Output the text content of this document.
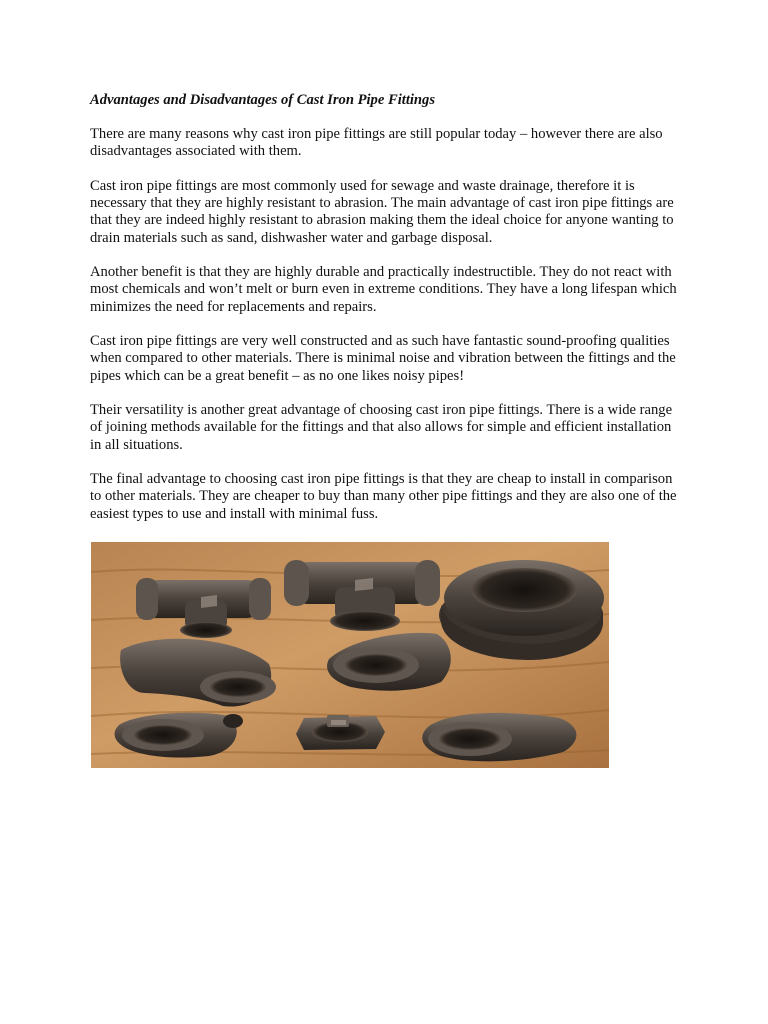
Advantages and Disadvantages of Cast Iron Pipe Fittings

There are many reasons why cast iron pipe fittings are still popular today – however there are also disadvantages associated with them.

Cast iron pipe fittings are most commonly used for sewage and waste drainage, therefore it is necessary that they are highly resistant to abrasion. The main advantage of cast iron pipe fittings are that they are indeed highly resistant to abrasion making them the ideal choice for anyone wanting to drain materials such as sand, dishwasher water and garbage disposal.

Another benefit is that they are highly durable and practically indestructible. They do not react with most chemicals and won’t melt or burn even in extreme conditions. They have a long lifespan which minimizes the need for replacements and repairs.

Cast iron pipe fittings are very well constructed and as such have fantastic sound-proofing qualities when compared to other materials. There is minimal noise and vibration between the fittings and the pipes which can be a great benefit – as no one likes noisy pipes!

Their versatility is another great advantage of choosing cast iron pipe fittings. There is a wide range of joining methods available for the fittings and that also allows for simple and efficient installation in all situations.

The final advantage to choosing cast iron pipe fittings is that they are cheap to install in comparison to other materials. They are cheaper to buy than many other pipe fittings and they are also one of the easiest types to use and install with minimal fuss.
